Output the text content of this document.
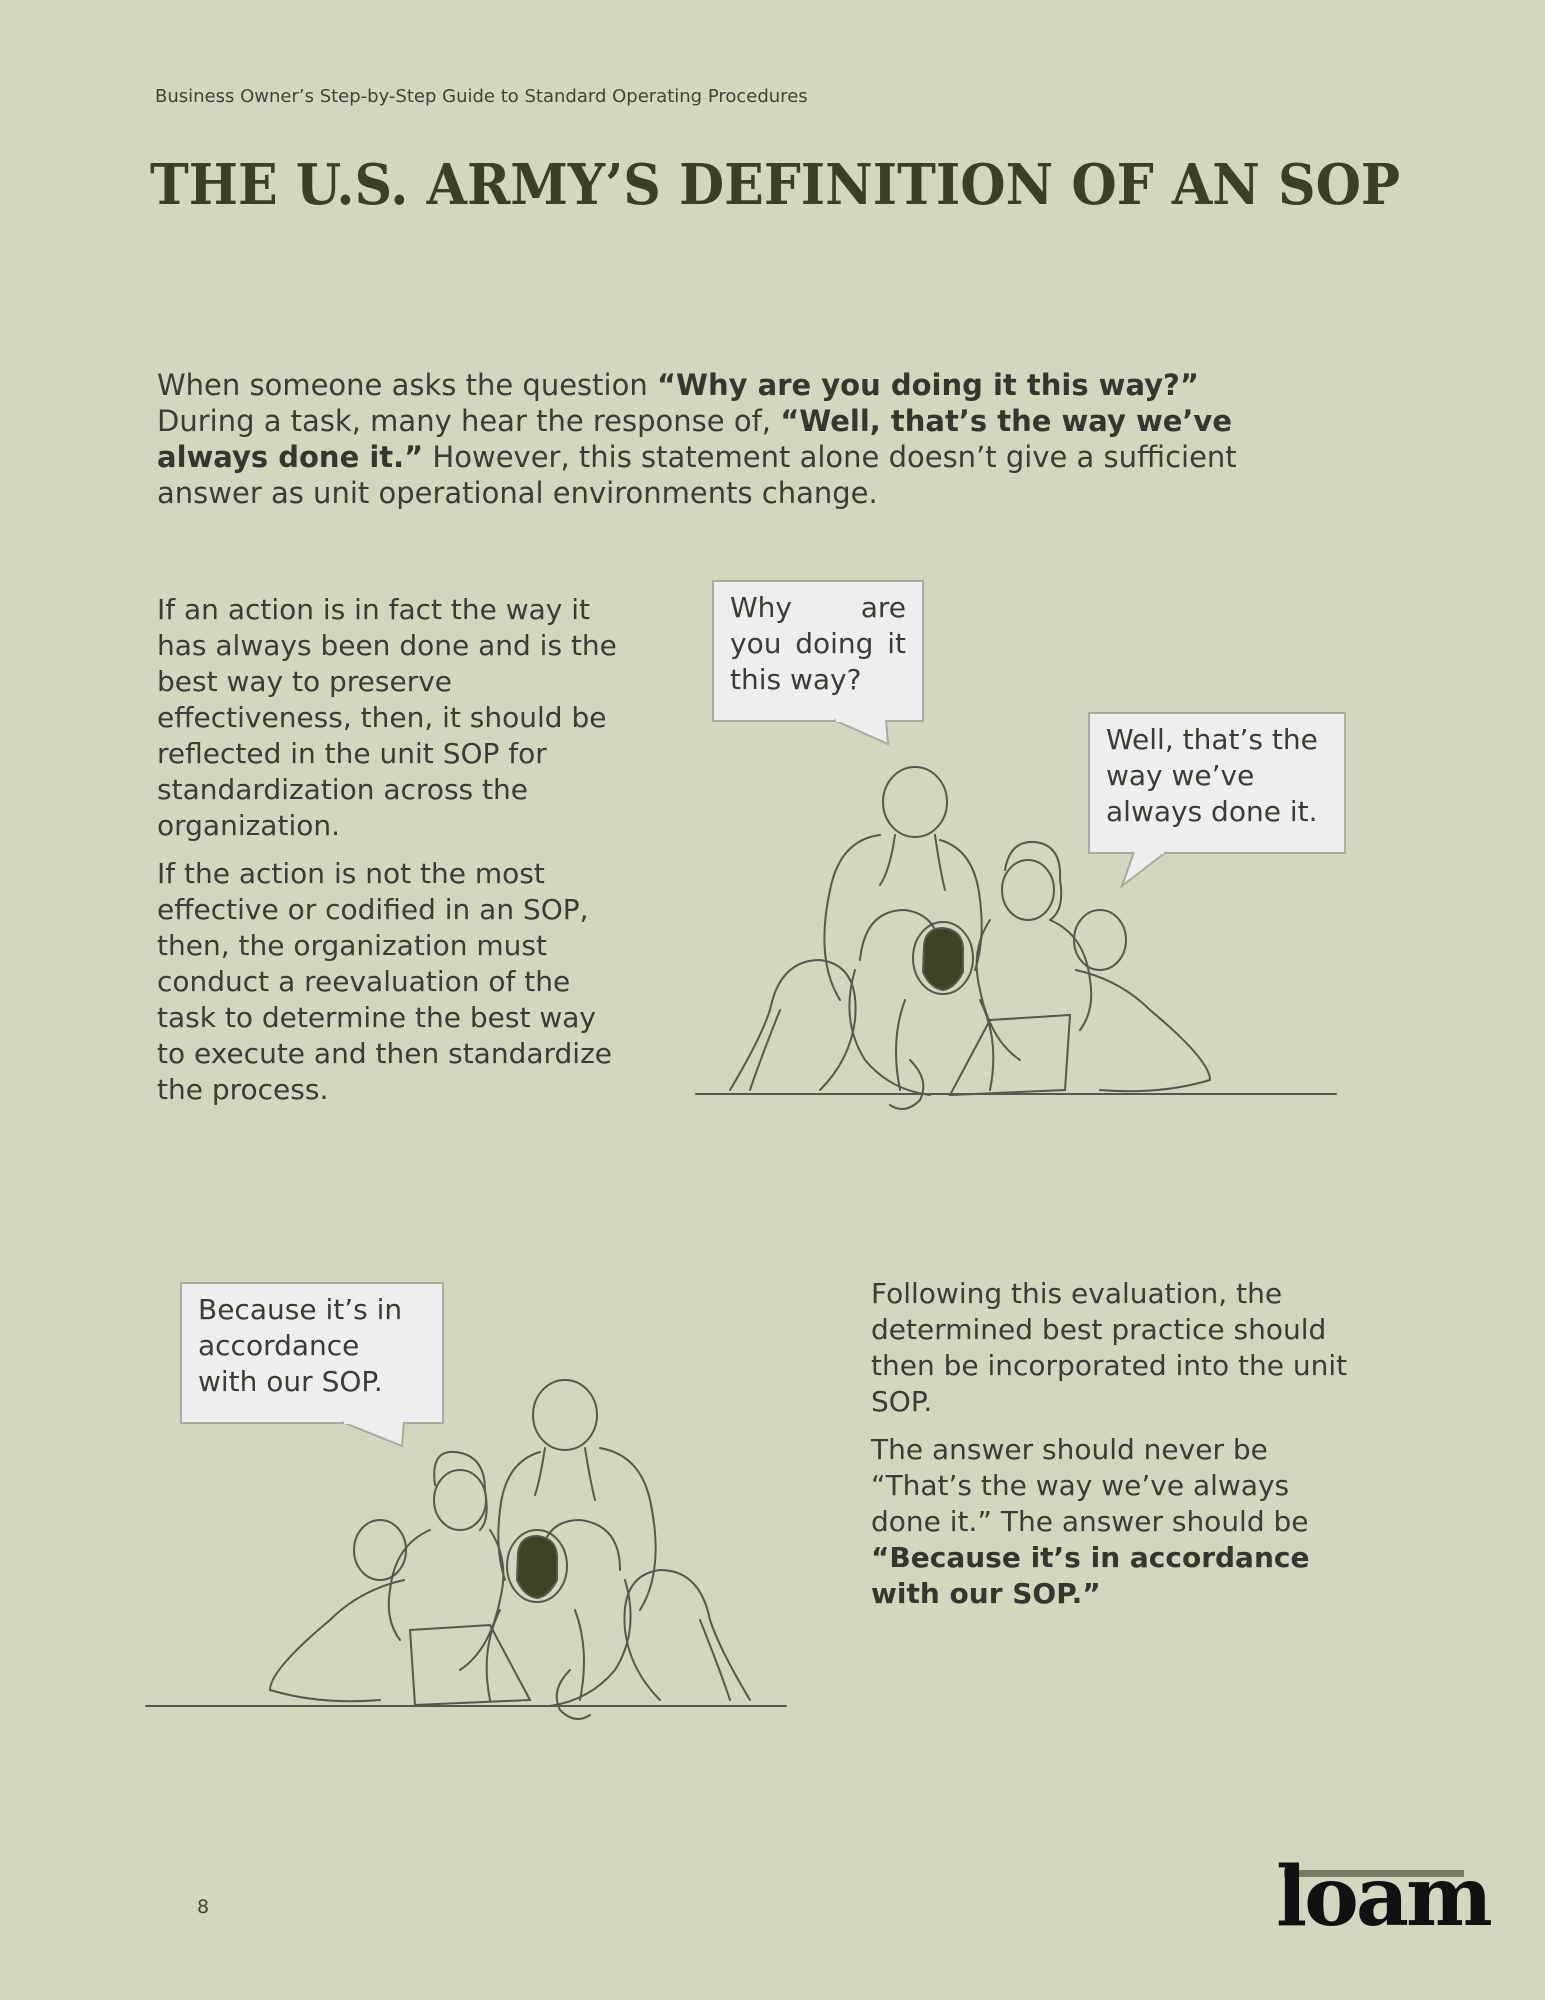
Business Owner’s Step-by-Step Guide to Standard Operating Procedures
THE U.S. ARMY’S DEFINITION OF AN SOP
When someone asks the question “Why are you doing it this way?” During a task, many hear the response of, “Well, that’s the way we’ve always done it.” However, this statement alone doesn’t give a sufficient answer as unit operational environments change.

If an action is in fact the way it has always been done and is the best way to preserve effectiveness, then, it should be reflected in the unit SOP for standardization across the organization.

If the action is not the most effective or codified in an SOP, then, the organization must conduct a reevaluation of the task to determine the best way to execute and then standardize the process.

Why are you doing it this way?
Well, that’s the way we’ve always done it.
Because it’s in accordance with our SOP.

Following this evaluation, the determined best practice should then be incorporated into the unit SOP.

The answer should never be “That’s the way we’ve always done it.” The answer should be “Because it’s in accordance with our SOP.”

8	loam
